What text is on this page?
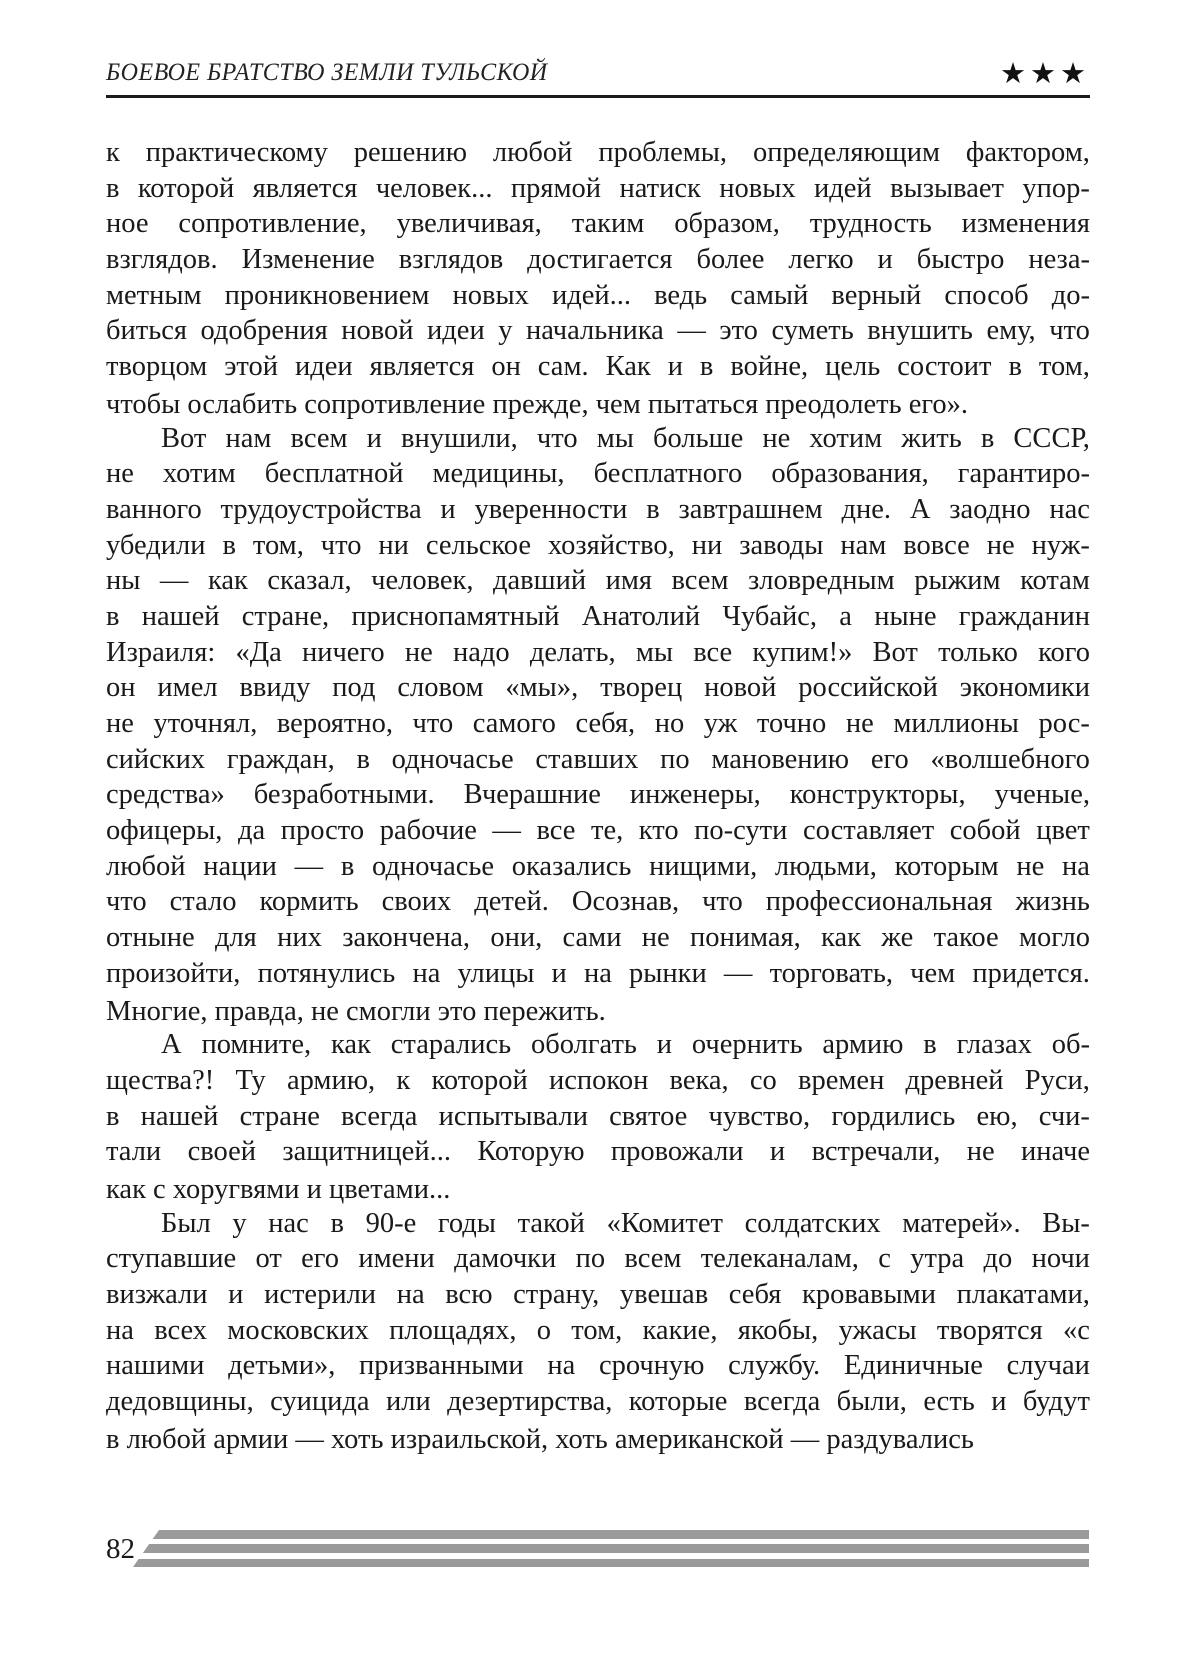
БОЕВОЕ БРАТСТВО ЗЕМЛИ ТУЛЬСКОЙ	★★★
к практическому решению любой проблемы, определяющим фактором,
в которой является человек... прямой натиск новых идей вызывает упор-
ное сопротивление, увеличивая, таким образом, трудность изменения
взглядов. Изменение взглядов достигается более легко и быстро неза-
метным проникновением новых идей... ведь самый верный способ до-
биться одобрения новой идеи у начальника — это суметь внушить ему, что
творцом этой идеи является он сам. Как и в войне, цель состоит в том,
чтобы ослабить сопротивление прежде, чем пытаться преодолеть его».
Вот нам всем и внушили, что мы больше не хотим жить в СССР,
не хотим бесплатной медицины, бесплатного образования, гарантиро-
ванного трудоустройства и уверенности в завтрашнем дне. А заодно нас
убедили в том, что ни сельское хозяйство, ни заводы нам вовсе не нуж-
ны — как сказал, человек, давший имя всем зловредным рыжим котам
в нашей стране, приснопамятный Анатолий Чубайс, а ныне гражданин
Израиля: «Да ничего не надо делать, мы все купим!» Вот только кого
он имел ввиду под словом «мы», творец новой российской экономики
не уточнял, вероятно, что самого себя, но уж точно не миллионы рос-
сийских граждан, в одночасье ставших по мановению его «волшебного
средства» безработными. Вчерашние инженеры, конструкторы, ученые,
офицеры, да просто рабочие — все те, кто по-сути составляет собой цвет
любой нации — в одночасье оказались нищими, людьми, которым не на
что стало кормить своих детей. Осознав, что профессиональная жизнь
отныне для них закончена, они, сами не понимая, как же такое могло
произойти, потянулись на улицы и на рынки — торговать, чем придется.
Многие, правда, не смогли это пережить.
А помните, как старались оболгать и очернить армию в глазах об-
щества?! Ту армию, к которой испокон века, со времен древней Руси,
в нашей стране всегда испытывали святое чувство, гордились ею, счи-
тали своей защитницей... Которую провожали и встречали, не иначе
как с хоругвями и цветами...
Был у нас в 90-е годы такой «Комитет солдатских матерей». Вы-
ступавшие от его имени дамочки по всем телеканалам, с утра до ночи
визжали и истерили на всю страну, увешав себя кровавыми плакатами,
на всех московских площадях, о том, какие, якобы, ужасы творятся «с
нашими детьми», призванными на срочную службу. Единичные случаи
дедовщины, суицида или дезертирства, которые всегда были, есть и будут
в любой армии — хоть израильской, хоть американской — раздувались
82
